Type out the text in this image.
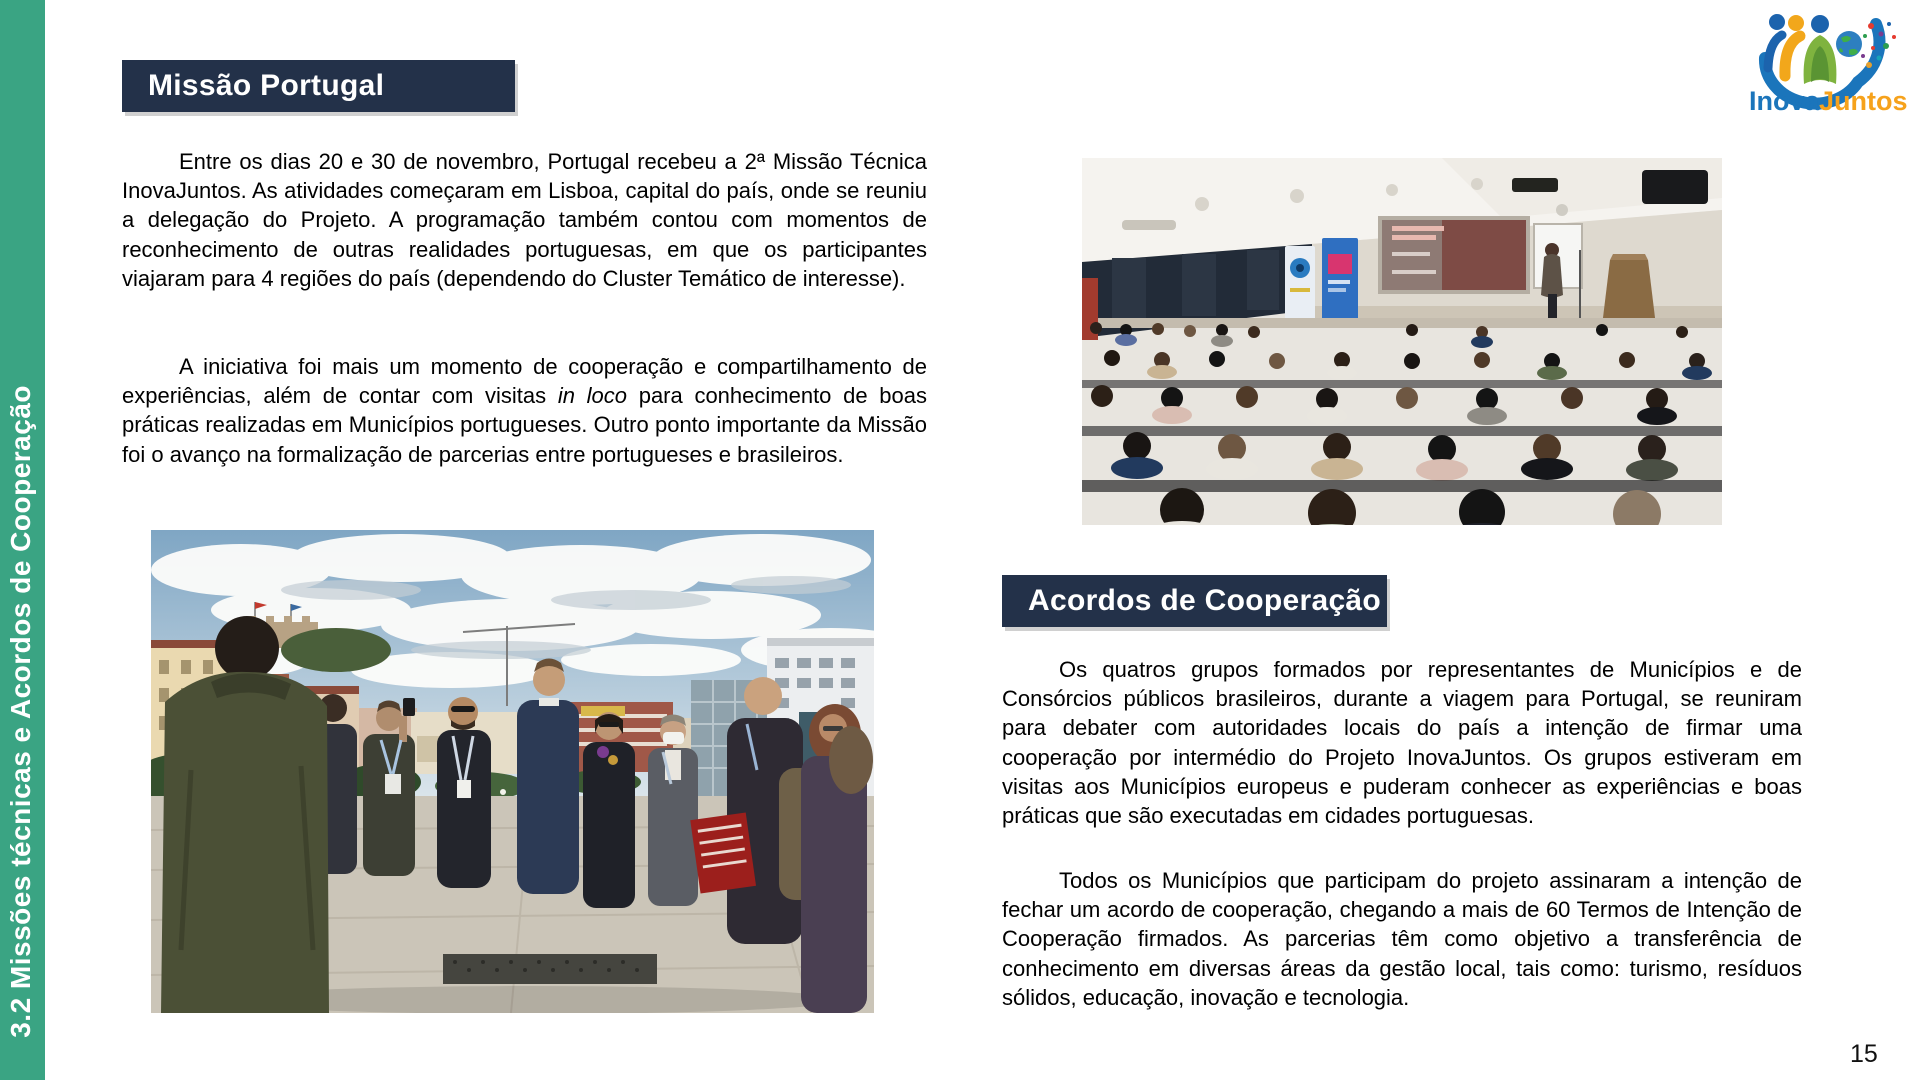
3.2 Missões técnicas e Acordos de Cooperação
Inova Juntos
Missão Portugal

Entre os dias 20 e 30 de novembro, Portugal recebeu a 2ª Missão Técnica InovaJuntos. As atividades começaram em Lisboa, capital do país, onde se reuniu a delegação do Projeto. A programação também contou com momentos de reconhecimento de outras realidades portuguesas, em que os participantes viajaram para 4 regiões do país (dependendo do Cluster Temático de interesse).

A iniciativa foi mais um momento de cooperação e compartilhamento de experiências, além de contar com visitas in loco para conhecimento de boas práticas realizadas em Municípios portugueses. Outro ponto importante da Missão foi o avanço na formalização de parcerias entre portugueses e brasileiros.

Acordos de Cooperação

Os quatros grupos formados por representantes de Municípios e de Consórcios públicos brasileiros, durante a viagem para Portugal, se reuniram para debater com autoridades locais do país a intenção de firmar uma cooperação por intermédio do Projeto InovaJuntos. Os grupos estiveram em visitas aos Municípios europeus e puderam conhecer as experiências e boas práticas que são executadas em cidades portuguesas.

Todos os Municípios que participam do projeto assinaram a intenção de fechar um acordo de cooperação, chegando a mais de 60 Termos de Intenção de Cooperação firmados. As parcerias têm como objetivo a transferência de conhecimento em diversas áreas da gestão local, tais como: turismo, resíduos sólidos, educação, inovação e tecnologia.

15
